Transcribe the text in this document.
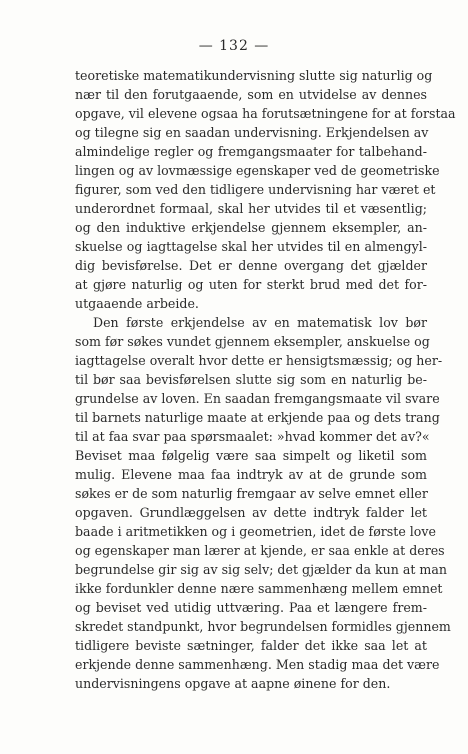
— 132 —
teoretiske matematikundervisning slutte sig naturlig og
nær til den forutgaaende, som en utvidelse av dennes
opgave, vil elevene ogsaa ha forutsætningene for at forstaa
og tilegne sig en saadan undervisning. Erkjendelsen av
almindelige regler og fremgangsmaater for talbehand-
lingen og av lovmæssige egenskaper ved de geometriske
figurer, som ved den tidligere undervisning har været et
underordnet formaal, skal her utvides til et væsentlig;
og den induktive erkjendelse gjennem eksempler, an-
skuelse og iagttagelse skal her utvides til en almengyl-
dig bevisførelse. Det er denne overgang det gjælder
at gjøre naturlig og uten for sterkt brud med det for-
utgaaende arbeide.
Den første erkjendelse av en matematisk lov bør
som før søkes vundet gjennem eksempler, anskuelse og
iagttagelse overalt hvor dette er hensigtsmæssig; og her-
til bør saa bevisførelsen slutte sig som en naturlig be-
grundelse av loven. En saadan fremgangsmaate vil svare
til barnets naturlige maate at erkjende paa og dets trang
til at faa svar paa spørsmaalet: »hvad kommer det av?«
Beviset maa følgelig være saa simpelt og liketil som
mulig. Elevene maa faa indtryk av at de grunde som
søkes er de som naturlig fremgaar av selve emnet eller
opgaven. Grundlæggelsen av dette indtryk falder let
baade i aritmetikken og i geometrien, idet de første love
og egenskaper man lærer at kjende, er saa enkle at deres
begrundelse gir sig av sig selv; det gjælder da kun at man
ikke fordunkler denne nære sammenhæng mellem emnet
og beviset ved utidig uttværing. Paa et længere frem-
skredet standpunkt, hvor begrundelsen formidles gjennem
tidligere beviste sætninger, falder det ikke saa let at
erkjende denne sammenhæng. Men stadig maa det være
undervisningens opgave at aapne øinene for den.
